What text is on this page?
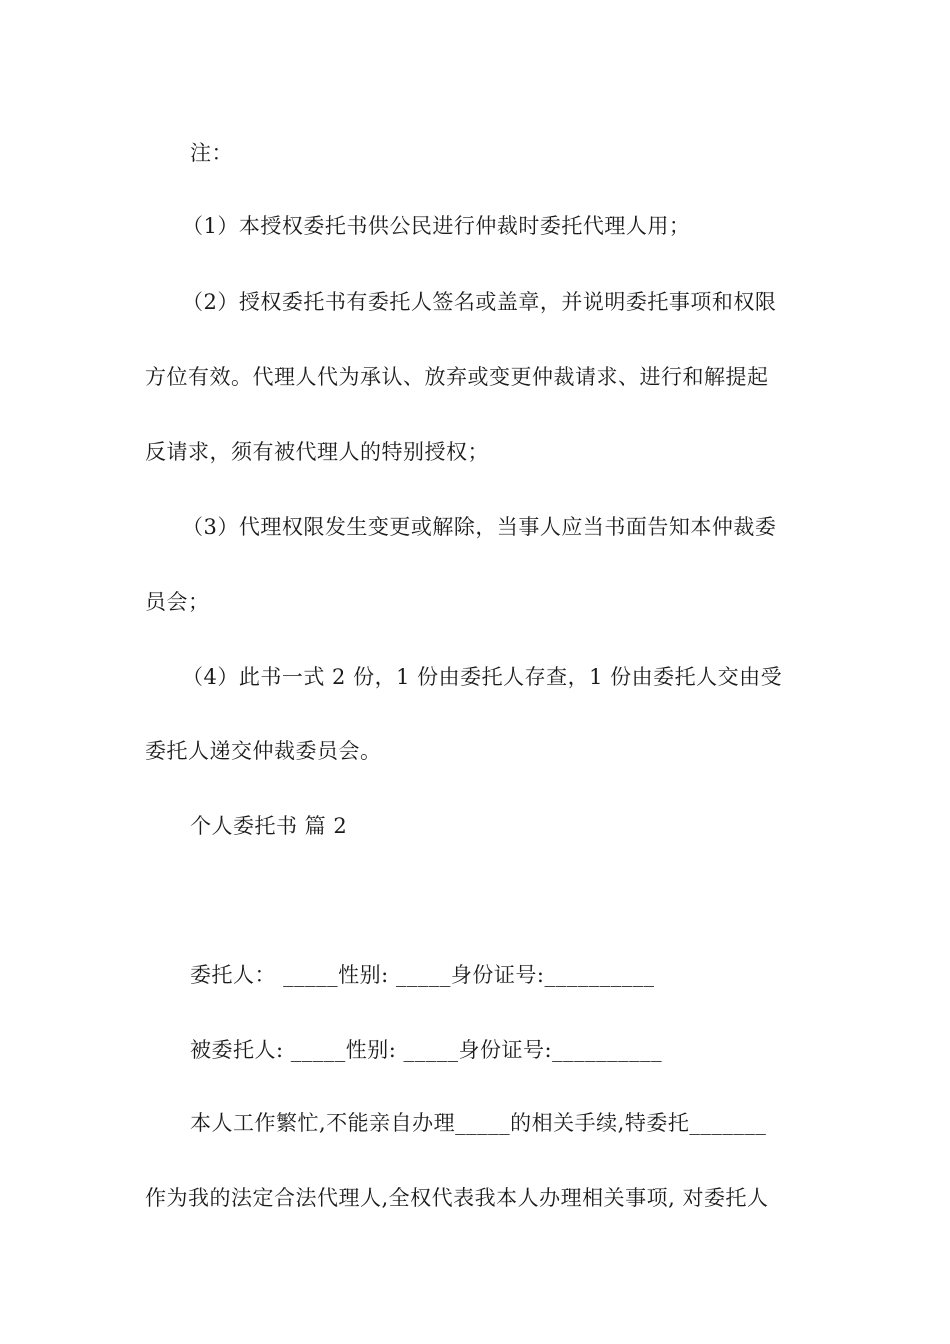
注：
（1）本授权委托书供公民进行仲裁时委托代理人用；
（2）授权委托书有委托人签名或盖章，并说明委托事项和权限
方位有效。代理人代为承认、放弃或变更仲裁请求、进行和解提起
反请求，须有被代理人的特别授权；
（3）代理权限发生变更或解除，当事人应当书面告知本仲裁委
员会；
（4）此书一式 2 份，1 份由委托人存查，1 份由委托人交由受
委托人递交仲裁委员会。
个人委托书 篇 2
委托人： _____性别: _____身份证号:__________
被委托人: _____性别: _____身份证号:__________
本人工作繁忙,不能亲自办理_____的相关手续,特委托_______
作为我的法定合法代理人,全权代表我本人办理相关事项, 对委托人
